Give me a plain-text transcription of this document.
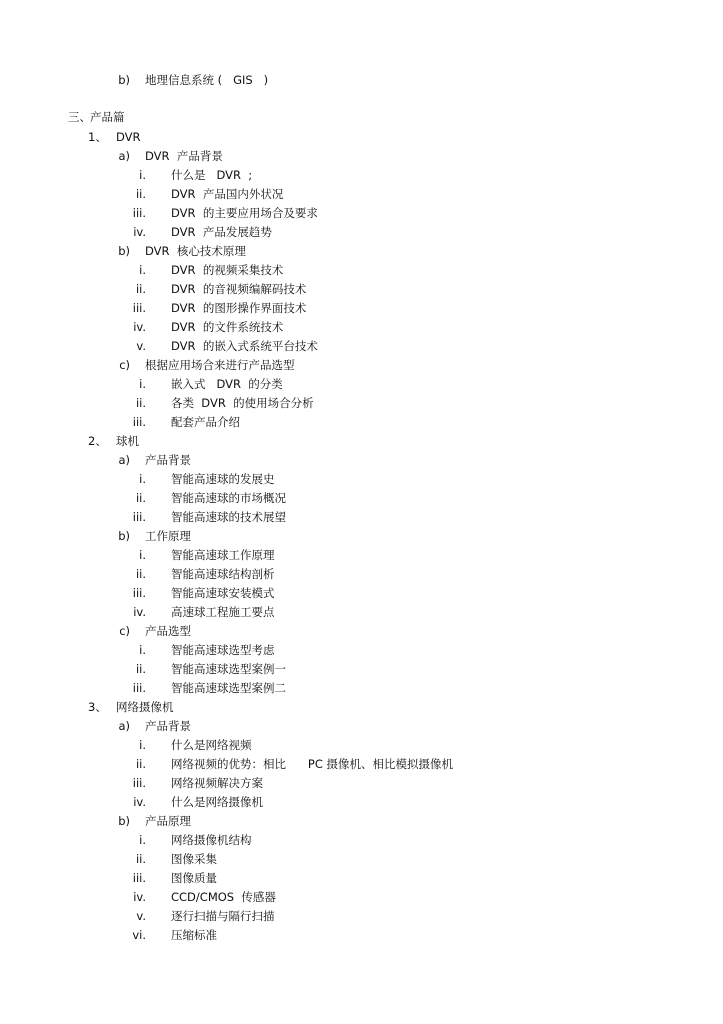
b) 地理信息系统 (   GIS   )
三、 产品篇
1、 DVR
a) DVR  产品背景
i. 什么是   DVR  ;
ii. DVR  产品国内外状况
iii. DVR  的主要应用场合及要求
iv. DVR  产品发展趋势
b) DVR  核心技术原理
i. DVR  的视频采集技术
ii. DVR  的音视频编解码技术
iii. DVR  的图形操作界面技术
iv. DVR  的文件系统技术
v. DVR  的嵌入式系统平台技术
c) 根据应用场合来进行产品选型
i. 嵌入式   DVR  的分类
ii. 各类  DVR  的使用场合分析
iii. 配套产品介绍
2、 球机
a) 产品背景
i. 智能高速球的发展史
ii. 智能高速球的市场概况
iii. 智能高速球的技术展望
b) 工作原理
i. 智能高速球工作原理
ii. 智能高速球结构剖析
iii. 智能高速球安装模式
iv. 高速球工程施工要点
c) 产品选型
i. 智能高速球选型考虑
ii. 智能高速球选型案例一
iii. 智能高速球选型案例二
3、 网络摄像机
a) 产品背景
i. 什么是网络视频
ii. 网络视频的优势：相比      PC 摄像机、相比模拟摄像机
iii. 网络视频解决方案
iv. 什么是网络摄像机
b) 产品原理
i. 网络摄像机结构
ii. 图像采集
iii. 图像质量
iv. CCD/CMOS  传感器
v. 逐行扫描与隔行扫描
vi. 压缩标准
